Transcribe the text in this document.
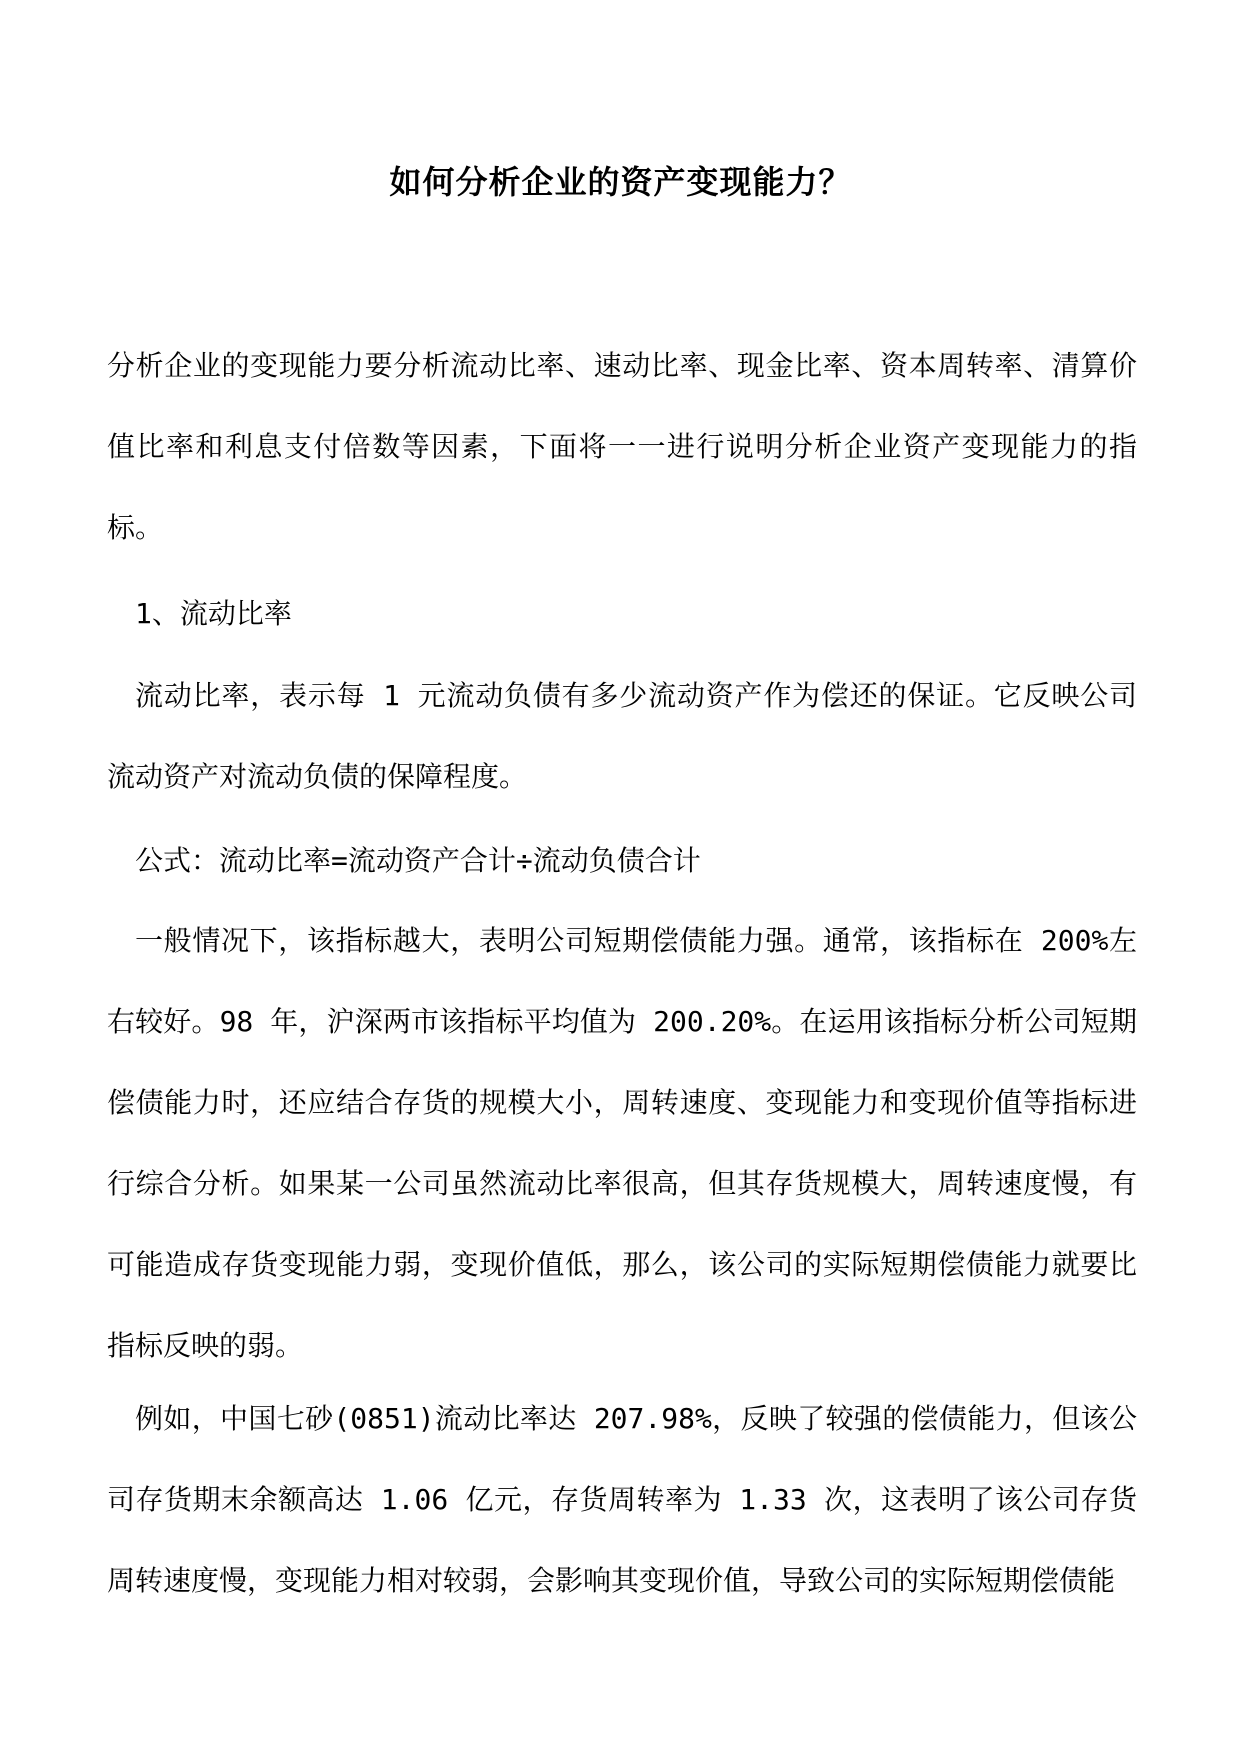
如何分析企业的资产变现能力？

分析企业的变现能力要分析流动比率、速动比率、现金比率、资本周转率、清算价值比率和利息支付倍数等因素，下面将一一进行说明分析企业资产变现能力的指标。

1、流动比率

流动比率，表示每 1 元流动负债有多少流动资产作为偿还的保证。它反映公司流动资产对流动负债的保障程度。

公式：流动比率=流动资产合计÷流动负债合计

一般情况下，该指标越大，表明公司短期偿债能力强。通常，该指标在 200%左右较好。98 年，沪深两市该指标平均值为 200.20%。在运用该指标分析公司短期偿债能力时，还应结合存货的规模大小，周转速度、变现能力和变现价值等指标进行综合分析。如果某一公司虽然流动比率很高，但其存货规模大，周转速度慢，有可能造成存货变现能力弱，变现价值低，那么，该公司的实际短期偿债能力就要比指标反映的弱。

例如，中国七砂(0851)流动比率达 207.98%，反映了较强的偿债能力，但该公司存货期末余额高达 1.06 亿元，存货周转率为 1.33 次，这表明了该公司存货周转速度慢，变现能力相对较弱，会影响其变现价值，导致公司的实际短期偿债能
